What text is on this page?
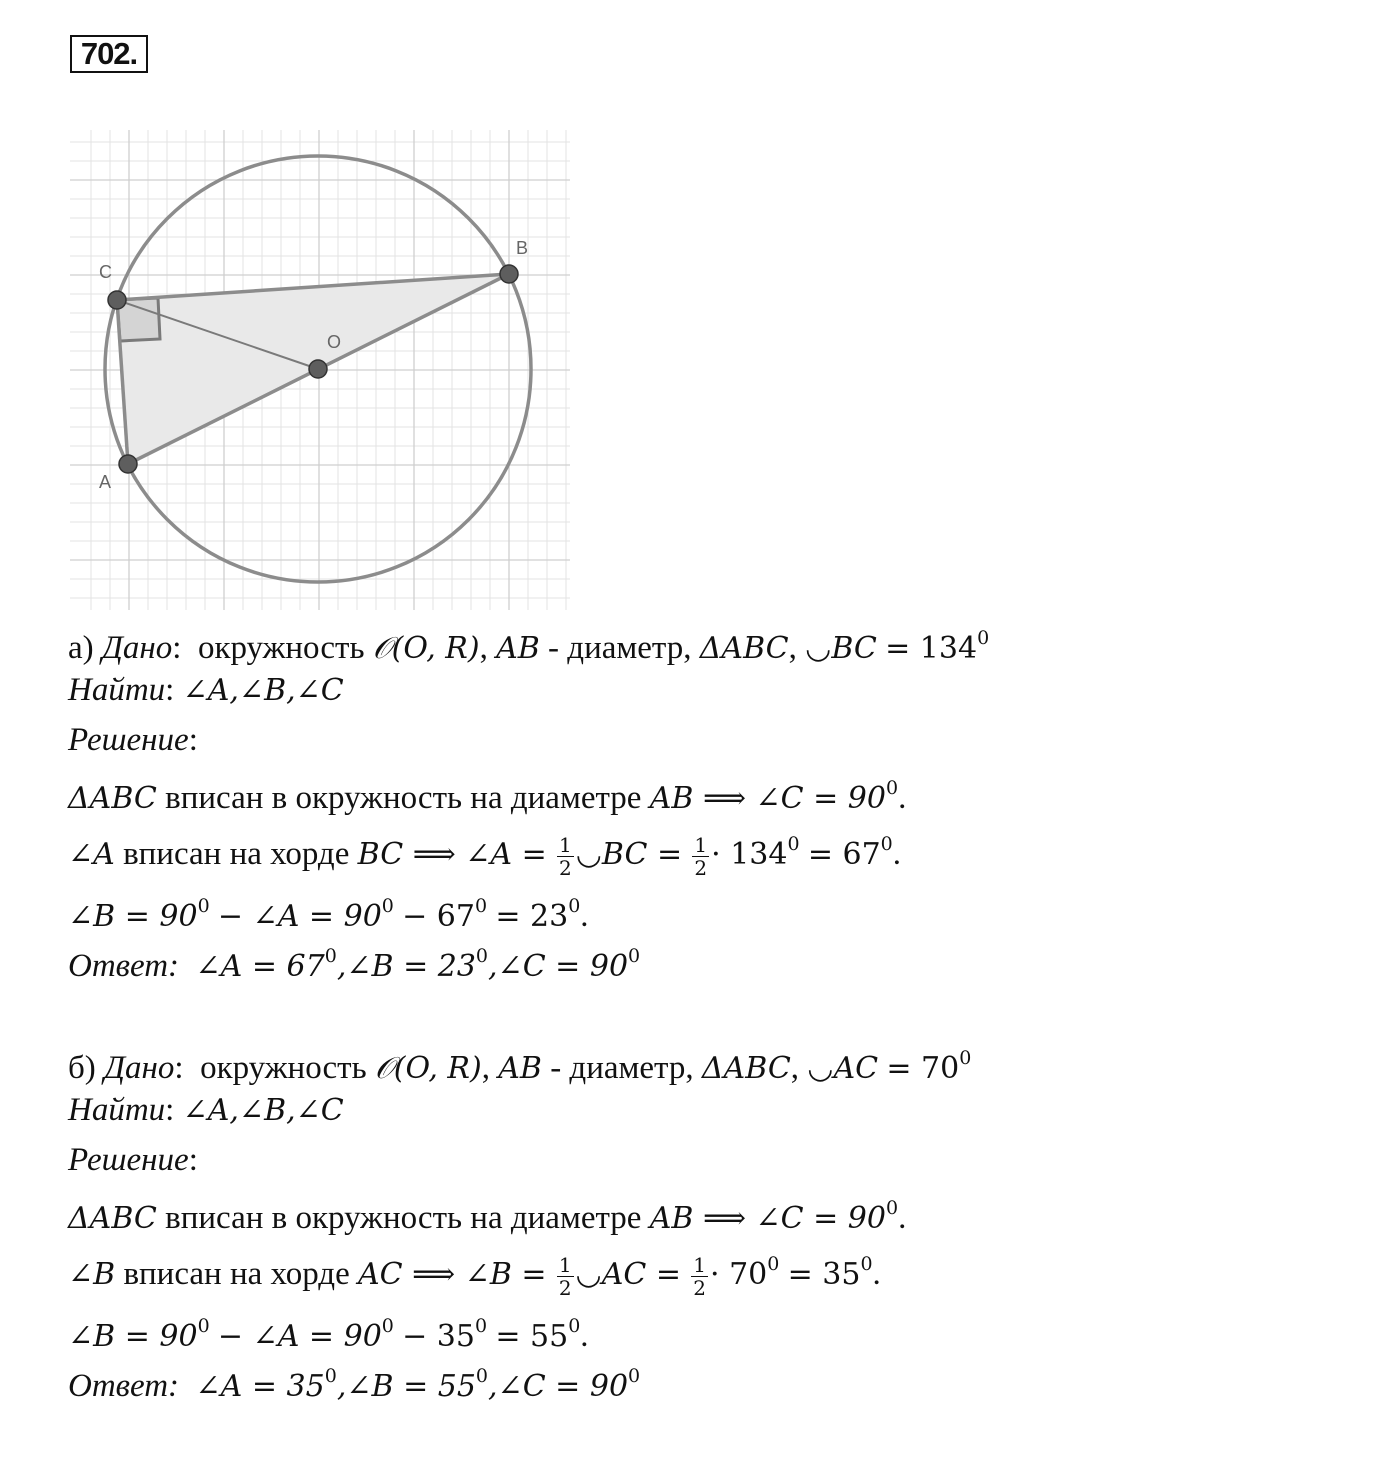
702.
A
B
C
O
а) Дано: окружность 𝒪(O, R), AB - диаметр, ΔABC, ◡BC = $134^0$
Найти: ∠A,∠B,∠C
Решение:
ΔABC вписан в окружность на диаметре AB ⟹ ∠C = $90^0$.
∠A вписан на хорде BC ⟹ ∠A = $\frac{1}{2}$ ◡BC = $\frac{1}{2} \cdot 134^0 = 67^0$.
∠B = $90^0$ − ∠A = $90^0 - 67^0 = 23^0$.
Ответ: ∠A = $67^0,\angle B$ = $23^0,\angle C = 90^0$
б) Дано: окружность 𝒪(O, R), AB - диаметр, ΔABC, ◡AC = $70^0$
Найти: ∠A,∠B,∠C
Решение:
ΔABC вписан в окружность на диаметре AB ⟹ ∠C = $90^0$.
∠B вписан на хорде AC ⟹ ∠B = $\frac{1}{2}$ ◡AC = $\frac{1}{2} \cdot 70^0 = 35^0$.
∠B = $90^0$ − ∠A = $90^0 - 35^0 = 55^0$.
Ответ: ∠A = $35^0,\angle B$ = $55^0,\angle C = 90^0$
